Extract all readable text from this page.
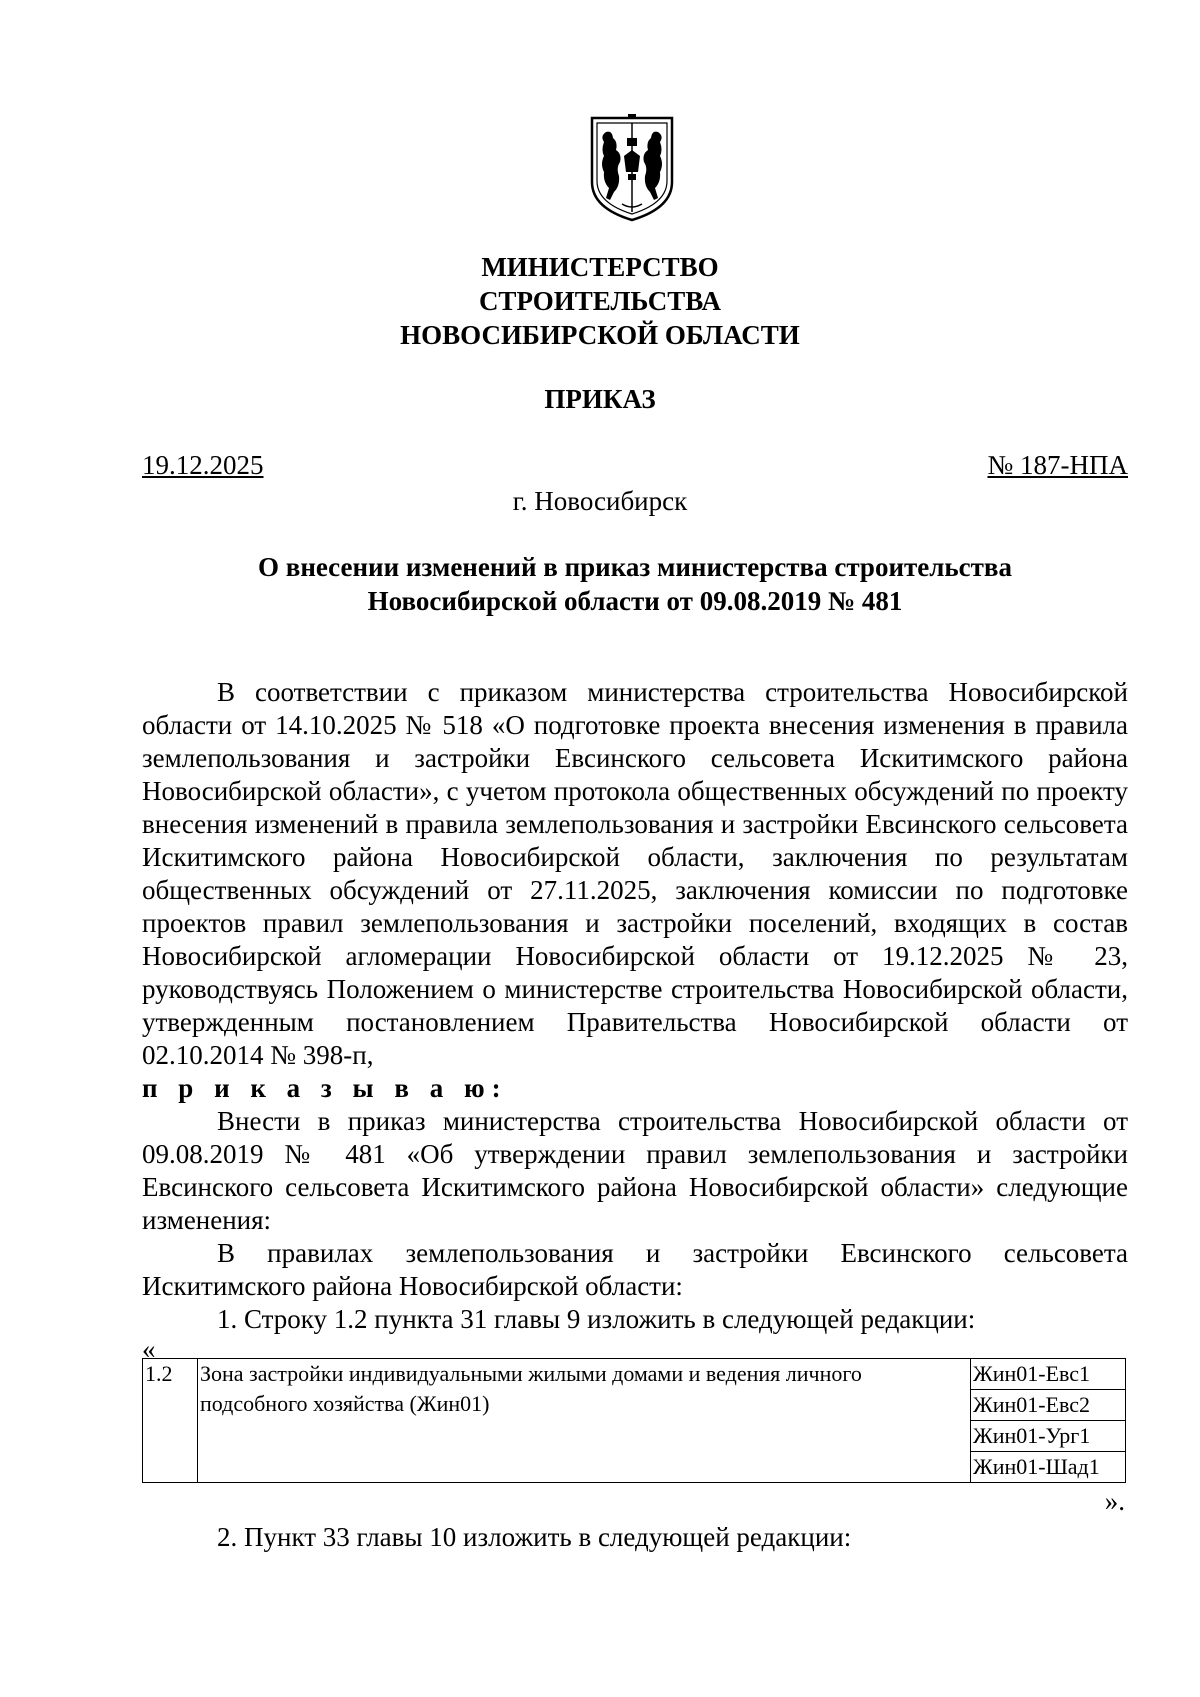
МИНИСТЕРСТВО
СТРОИТЕЛЬСТВА
НОВОСИБИРСКОЙ ОБЛАСТИ
ПРИКАЗ
19.12.2025	№ 187-НПА
г. Новосибирск
О внесении изменений в приказ министерства строительства
Новосибирской области от 09.08.2019 № 481

В соответствии с приказом министерства строительства Новосибирской области от 14.10.2025 № 518 «О подготовке проекта внесения изменения в правила землепользования и застройки Евсинского сельсовета Искитимского района Новосибирской области», с учетом протокола общественных обсуждений по проекту внесения изменений в правила землепользования и застройки Евсинского сельсовета Искитимского района Новосибирской области, заключения по результатам общественных обсуждений от 27.11.2025, заключения комиссии по подготовке проектов правил землепользования и застройки поселений, входящих в состав Новосибирской агломерации Новосибирской области от 19.12.2025 № 23, руководствуясь Положением о министерстве строительства Новосибирской области, утвержденным постановлением Правительства Новосибирской области от 02.10.2014 № 398-п,

п р и к а з ы в а ю:

Внести в приказ министерства строительства Новосибирской области от 09.08.2019 № 481 «Об утверждении правил землепользования и застройки Евсинского сельсовета Искитимского района Новосибирской области» следующие изменения:

В правилах землепользования и застройки Евсинского сельсовета Искитимского района Новосибирской области:

1. Строку 1.2 пункта 31 главы 9 изложить в следующей редакции:

«
1.2	Зона застройки индивидуальными жилыми домами и ведения личного подсобного хозяйства (Жин01)	Жин01-Евс1
Жин01-Евс2
Жин01-Ург1
Жин01-Шад1
».
2. Пункт 33 главы 10 изложить в следующей редакции:
